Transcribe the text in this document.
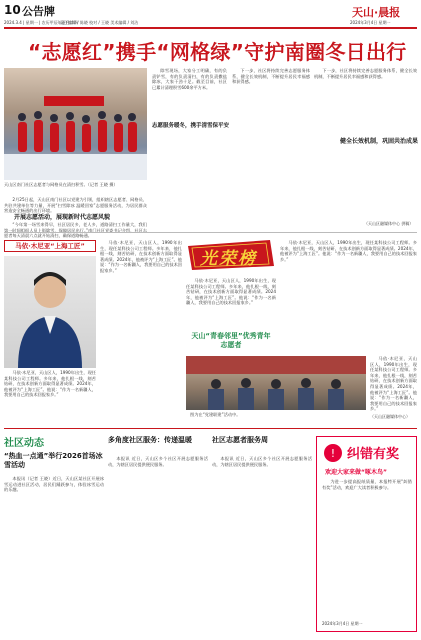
10 公告牌
2024.3.4 | 星期一 | 农历甲辰年正月廿四
责任编辑 / 陈晓 校对 / 王晓 美术编辑 / 刘洁
天山·晨报
2024年3月4日 星期一
“志愿红”携手“网格绿”守护南圈冬日出行
天山区南门社区志愿者与网格员在清扫积雪。（记者 王晓 摄）

2月25日起，天山区南门社区以党建为引领，组织辖区志愿者、网格员、共驻共建单位等力量，开展“扫雪除冰 温暖回家”志愿服务活动，为居民群众营造安全畅通的出行环境。

开展志愿活动，展现新时代志愿风貌

“今年第一场雪来得早，社区居民多，老人多，道路清扫工作量大，我们第一时间组织人员上街除雪，保障居民出行。”南门社区党委书记介绍，社区志愿者每天清晨六点就开始清扫，确保道路畅通。

除雪现场，大家分工明确，有的负责铲雪，有的负责清扫，有的负责撒盐除冰，大家干劲十足。截至目前，社区已累计清理积雪600余平方米。

志愿服务暖冬，携手清雪保平安

下一步，社区将持续完善志愿服务体系，健全长效机制，不断提升居民幸福感和获得感。

健全长效机制，巩固共治成果

下一步，社区将持续完善志愿服务体系，健全长效机制，不断提升居民幸福感和获得感。

（天山区融媒体中心 供稿）
马依·木尼亚“上海工匠”

马依·木尼亚，天山区人，1990年出生，现任某科技公司工程师。多年来，他扎根一线，刻苦钻研，在技术创新方面取得显著成绩。2024年，他被评为“上海工匠”。他说：“作为一名新疆人，我要用自己的技术回报家乡。”

马依·木尼亚，天山区人，1990年出生，现任某科技公司工程师。多年来，他扎根一线，刻苦钻研，在技术创新方面取得显著成绩。2024年，他被评为“上海工匠”。他说：“作为一名新疆人，我要用自己的技术回报家乡。”

光荣榜

马依·木尼亚，天山区人，1990年出生，现任某科技公司工程师。多年来，他扎根一线，刻苦钻研，在技术创新方面取得显著成绩。2024年，他被评为“上海工匠”。他说：“作为一名新疆人，我要用自己的技术回报家乡。”

天山“青春邻里”优秀青年志愿者
图为在“党建联建”活动中。

马依·木尼亚，天山区人，1990年出生，现任某科技公司工程师。多年来，他扎根一线，刻苦钻研，在技术创新方面取得显著成绩。2024年，他被评为“上海工匠”。他说：“作为一名新疆人，我要用自己的技术回报家乡。”

马依·木尼亚，天山区人，1990年出生，现任某科技公司工程师。多年来，他扎根一线，刻苦钻研，在技术创新方面取得显著成绩。2024年，他被评为“上海工匠”。他说：“作为一名新疆人，我要用自己的技术回报家乡。”

（天山区融媒体中心）
社区动态
“热血一点通”举行2026首场冰雪活动

本报讯（记者 王晓）近日，天山区某社区开展冰雪运动进社区活动，居民们踊跃参与，体验冰雪运动的乐趣。

多角度社区服务：传递温暖

本报讯 近日，天山区多个社区开展志愿服务活动，为辖区居民提供便民服务。

社区志愿者服务周

本报讯 近日，天山区多个社区开展志愿服务活动，为辖区居民提供便民服务。

! 纠错有奖
欢迎大家来做“啄木鸟”

为进一步提高报纸质量，本报特开展“纠错有奖”活动，欢迎广大读者积极参与。

2024年3月4日 星期一
